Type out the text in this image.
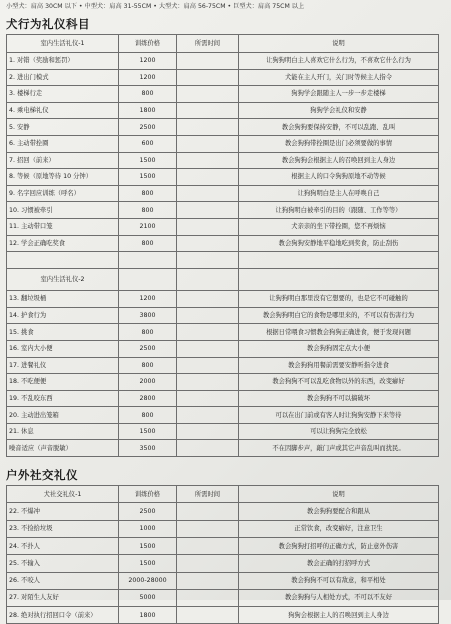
小型犬：肩高 30CM 以下 • 中型犬：肩高 31-55CM • 大型犬：肩高 56-75CM • 巨型犬：肩高 75CM 以上
犬行为礼仪科目
室内生活礼仪-1	训练价格	所需时间	说明
1. 对错（奖励和惩罚）	1200		让狗狗明白主人喜欢它什么行为，不喜欢它什么行为
2. 进出门模式	1200		犬能在主人开门，关门时等候主人指令
3. 楼梯行走	800		狗狗学会跟随主人一步一步走楼梯
4. 乘电梯礼仪	1800		狗狗学会礼仪和安静
5. 安静	2500		教会狗狗要保持安静，不可以乱跑、乱叫
6. 主动带拴圈	600		教会狗狗带拴圈是出门必须要做的事情
7. 招回（前来）	1500		教会狗狗会根据主人的召唤回到主人身边
8. 等候（原地等待 10 分钟）	1500		根据主人的口令狗狗原地不动等候
9. 名字回应训练（呼名）	800		让狗狗明白是主人在呼唤自己
10. 习惯被牵引	800		让狗狗明白被牵引的目的（跟随、工作等等）
11. 主动带口笼	2100		犬亲亲的坐下带拴圈，您不再烦恼
12. 学会正确吃奖食	800		教会狗狗安静地平稳地吃到奖食，防止刮伤

室内生活礼仪-2			
13. 翻垃圾桶	1200		让狗狗明白那里没有它想要的，也是它不可碰触的
14. 护食行为	3800		教会狗狗明白它的食物是哪里来的，不可以有伤害行为
15. 挑食	800		根据日常喂食习惯教会狗狗正确进食，便于发现问题
16. 室内大小便	2500		教会狗狗固定点大小便
17. 进餐礼仪	800		教会狗狗用餐前需要安静听指令进食
18. 不吃便便	2000		教会狗狗不可以乱吃食物以外的东西，改变癖好
19. 不乱咬东西	2800		教会狗狗不可以搞破坏
20. 主动进出笼箱	800		可以在出门前或有客人时让狗狗安静下来等待
21. 休息	1500		可以让狗狗完全放松
噪音适应（声音脱敏）	3500		不在因脚步声，敲门声或其它声音乱叫而扰民。
户外社交礼仪
犬社交礼仪-1	训练价格	所需时间	说明
22. 不爆冲	2500		教会狗狗要配合和跟从
23. 不捡拾垃圾	1000		正常饮食，改变癖好，注意卫生
24. 不扑人	1500		教会狗狗打招呼的正确方式，防止意外伤害
25. 不输入	1500		教会正确的打招呼方式
26. 不咬人	2000-28000		教会狗狗不可以有敌意，和平相处
27. 对陌生人友好	5000		教会狗狗与人相处方式，不可以不友好
28. 绝对执行招回口令（前来）	1800		狗狗会根据主人的召唤回到主人身边
